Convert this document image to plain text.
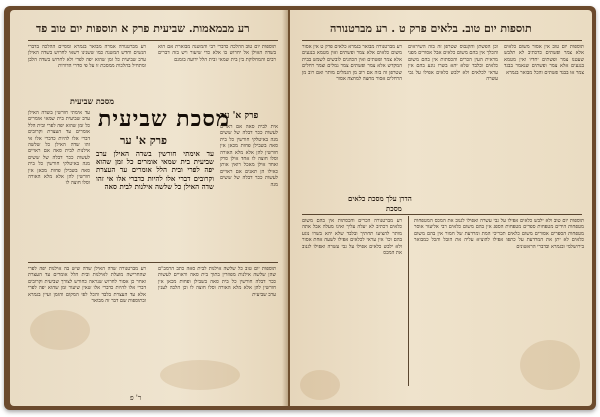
רע מבמאמות. שביעית פרק א תוספות יום טוב פד
רע מברטנורה אמרה מבואר בגמרא ומסיים ההלכה בדברי הנשים וחדש המשנה כמו ששנינו רשאי לחרוש בשדה האילן ערב שביעית כל זמן שהוא יפה לפרי ולא לחרוש בשדה הלבן ומתחיל בהלכות ממסכת זו על פי סדרי הדורות
תוספות יום טוב ההלכה כדברי רבי והמשנה מבוארת אם הוא בשדה האילן אל יחרוש בו אלא כדי שיעור ויש בזה דברים רבים והמחלוקת בין בית שמאי ובית הלל ידועה בזמנם
מסכת שביעית
עד אימתי חורשין בשדה האילן ערב שביעית בית שמאי אומרים כל זמן שהוא יפה לפרי ובית הלל אומרים עד העצרת וקרובים דברי אלו להיות כדברי אלו אי זהו שדה האילן כל שלשה אילנות לבית סאה אם ראויים לעשות ככר דבלה של ששים מנה באיטלקי חורשין כל בית סאה בשבילן פחות מכאן אין חורשין להן אלא מלא האורה וסלו חוצה לו
מסכת שביעית
פרק א' ער
עד אימתי חורשין בשדה האילן ערב שביעית בית שמאי אומרים כל זמן שהוא יפה לפרי ובית הלל אומרים עד העצרת וקרובים דברי אלו להיות כדברי אלו אי זהו שדה האילן כל שלשה אילנות לבית סאה
פרק א' ער
אית לבית סאה אם ראויים לעשות ככר דבלה של ששים מנה באיטלקי חורשין כל בית סאה בשבילן פחות מכאן אין חורשין להן אלא מלא האורה וסלו חוצה לו אחד אילן סרק ואחד אילן מאכל רואין אותן כאילו הן תאנים אם ראויים לעשות ככר דבלה של ששים מנה
רע מברטנורה שדה האילן שדה שיש בה אילנות יפה לפרי שהחרישה מועלת לאילנות ובית הלל אומרים עד העצרת ואחר כן אסור לחרוש שנראה כחורש לצורך שביעית וקרובים דברי אלו להיות כדברי אלו שאין שיעור זמן שהוא יפה לפרי אלא עד העצרת בלבד והכל לפי המקום והזמן ועיין בגמרא ובתוספות שם דבר זה מבואר
תוספות יום טוב כל שלשה אילנות לבית סאה כתב הרמב"ם שהן שלשה אילנות מפוזרין בתוך בית סאה וראויים לעשות ככר דבלה חורשין כל בית סאה בשבילן ופחות מכאן אין חורשין להן אלא מלא האורה וסלו חוצה לו וכן הלכה לענין ערב שביעית
ר' פ
תוספות יום טוב. בלאים פרק ט . רע מברטנורה
רע מברטנורה מבואר בגמרא כלאים פרק ט אין אסור משום כלאים אלא צמר ופשתים ואין מטמא בנגעים אלא צמר ופשתים ואין הכהנים לובשים לשמש בבית המקדש אלא צמר ופשתים צמר גמלים וצמר רחלים שטרפן זה בזה אם רוב מן הגמלים מותר ואם רוב מן הרחלים אסור מחצה למחצה אסור
וכן הפשתן והקנבוס שטרפן זה בזה השיראים והכלך אין בהם משום כלאים אבל אסורים מפני מראית העין הכרים והכסתות אין בהם משום כלאים ובלבד שלא יהא בשרו נוגע בהם אין עראי לכלאים ולא ילבש כלאים אפילו על גבי עשרה
תוספות יום טוב אין אסור משום כלאים אלא צמר ופשתים כדכתיב לא תלבש שעטנז צמר ופשתים יחדיו ואין מטמא בנגעים אלא צמר ופשתים שנאמר בבגד צמר או בבגד פשתים והכל מבואר בגמרא
הדרן עלך מסכת כלאים
מסכת
רע מברטנורה הכרים והכסתות אין בהם משום כלאים דכתיב לא יעלה עליך ואינו מעלה אבל אתה מותר להציעו תחתיך ובלבד שלא יהא בשרו נוגע בהם וכו' אין עראי לכלאים אפילו לשעה אחת אסור ולא ילבש כלאים אפילו על גבי עשרה ואפילו לגנוב את המכס
תוספות יום טוב ולא ילבש כלאים אפילו על גבי עשרה ואפילו לגנוב את המכס המטפחות מטפחות הידים מטפחות ספרים מטפחות הספג אין בהם משום כלאים רבי אליעזר אוסר מטפחות הספרים אסורים משום כלאים תכריכי המת ומרדעת של חמור אין בהם משום כלאים לא יתן את המרדעת על כתפו אפילו להוציא עליה את הזבל והכל כמבואר בירושלמי ובגמרא ובדברי הראשונים
